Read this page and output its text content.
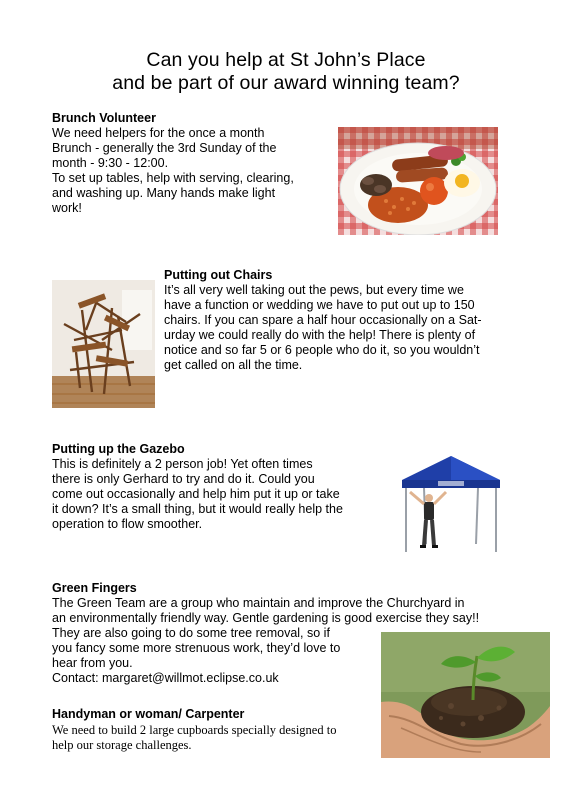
Can you help at St John’s Place
and be part of our award winning team?
Brunch Volunteer
We need helpers for the once a month
Brunch - generally the 3rd Sunday of the
month - 9:30 - 12:00.
To set up tables, help with serving, clearing,
and washing up. Many hands make light
work!
Putting out Chairs
It’s all very well taking out the pews, but every time we
have a function or wedding we have to put out up to 150
chairs. If you can spare a half hour occasionally on a Sat-
urday we could really do with the help! There is plenty of
notice and so far 5 or 6 people who do it, so you wouldn’t
get called on all the time.
Putting up the Gazebo
This is definitely a 2 person job! Yet often times
there is only Gerhard to try and do it. Could you
come out occasionally and help him put it up or take
it down? It’s a small thing, but it would really help the
operation to flow smoother.
Green Fingers
The Green Team are a group who maintain and improve the Churchyard in
an environmentally friendly way. Gentle gardening is good exercise they say!!
They are also going to do some tree removal, so if
you fancy some more strenuous work, they’d love to
hear from you.
Contact: margaret@willmot.eclipse.co.uk
Handyman or woman/ Carpenter
We need to build 2 large cupboards specially designed to
help our storage challenges.
